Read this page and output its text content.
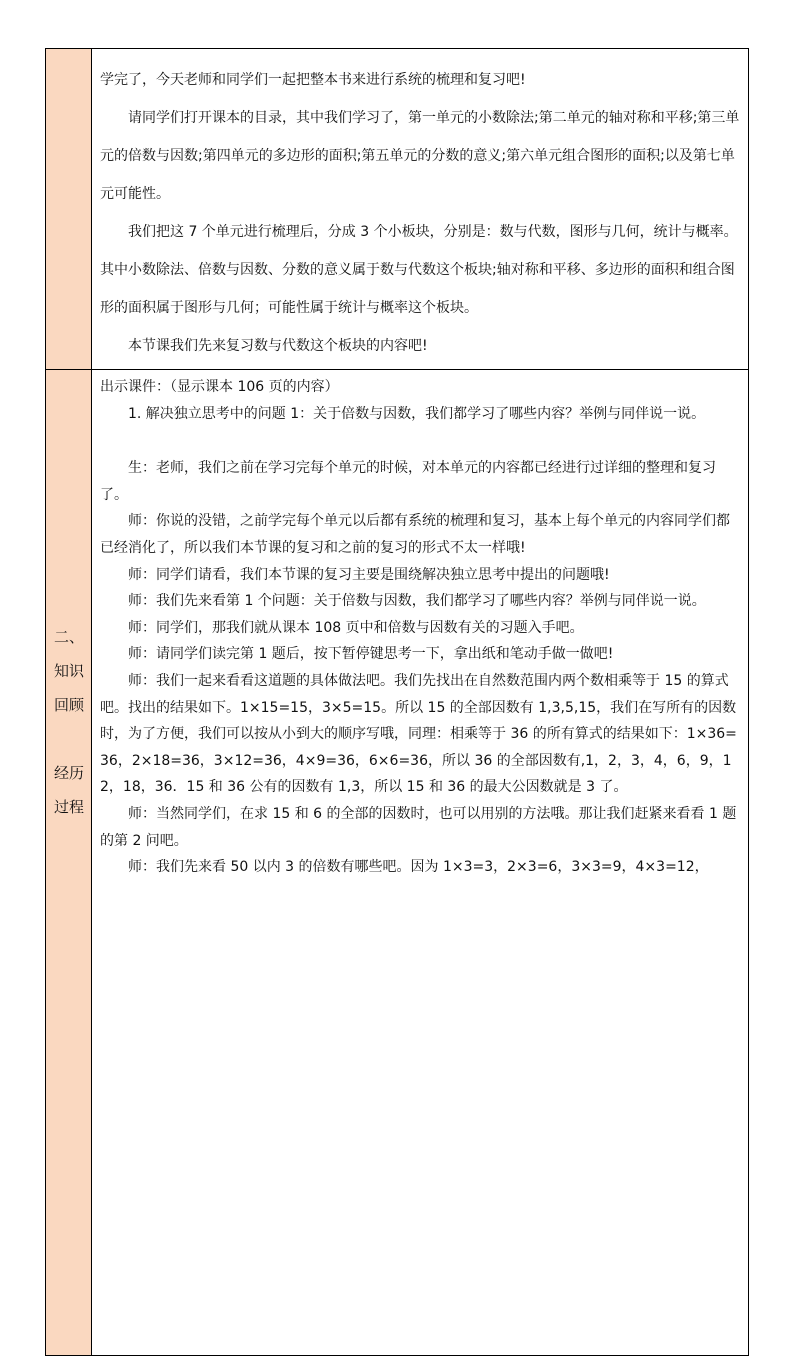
学完了，今天老师和同学们一起把整本书来进行系统的梳理和复习吧!

请同学们打开课本的目录，其中我们学习了，第一单元的小数除法;第二单元的轴对称和平移;第三单元的倍数与因数;第四单元的多边形的面积;第五单元的分数的意义;第六单元组合图形的面积;以及第七单元可能性。

我们把这 7 个单元进行梳理后，分成 3 个小板块，分别是：数与代数，图形与几何，统计与概率。其中小数除法、倍数与因数、分数的意义属于数与代数这个板块;轴对称和平移、多边形的面积和组合图形的面积属于图形与几何；可能性属于统计与概率这个板块。

本节课我们先来复习数与代数这个板块的内容吧!

二、
知识
回顾
经历
过程

出示课件：（显示课本 106 页的内容）

1. 解决独立思考中的问题 1：关于倍数与因数，我们都学习了哪些内容？举例与同伴说一说。

生：老师，我们之前在学习完每个单元的时候，对本单元的内容都已经进行过详细的整理和复习了。

师：你说的没错，之前学完每个单元以后都有系统的梳理和复习，基本上每个单元的内容同学们都已经消化了，所以我们本节课的复习和之前的复习的形式不太一样哦!

师：同学们请看，我们本节课的复习主要是围绕解决独立思考中提出的问题哦!

师：我们先来看第 1 个问题：关于倍数与因数，我们都学习了哪些内容？举例与同伴说一说。

师：同学们，那我们就从课本 108 页中和倍数与因数有关的习题入手吧。

师：请同学们读完第 1 题后，按下暂停键思考一下，拿出纸和笔动手做一做吧!

师：我们一起来看看这道题的具体做法吧。我们先找出在自然数范围内两个数相乘等于 15 的算式吧。找出的结果如下。1×15=15，3×5=15。所以 15 的全部因数有 1,3,5,15，我们在写所有的因数时，为了方便，我们可以按从小到大的顺序写哦，同理：相乘等于 36 的所有算式的结果如下：1×36=36，2×18=36，3×12=36，4×9=36，6×6=36，所以 36 的全部因数有,1，2，3，4，6，9，12，18，36．15 和 36 公有的因数有 1,3，所以 15 和 36 的最大公因数就是 3 了。

师：当然同学们，在求 15 和 6 的全部的因数时，也可以用别的方法哦。那让我们赶紧来看看 1 题的第 2 问吧。

师：我们先来看 50 以内 3 的倍数有哪些吧。因为 1×3=3，2×3=6，3×3=9，4×3=12，
